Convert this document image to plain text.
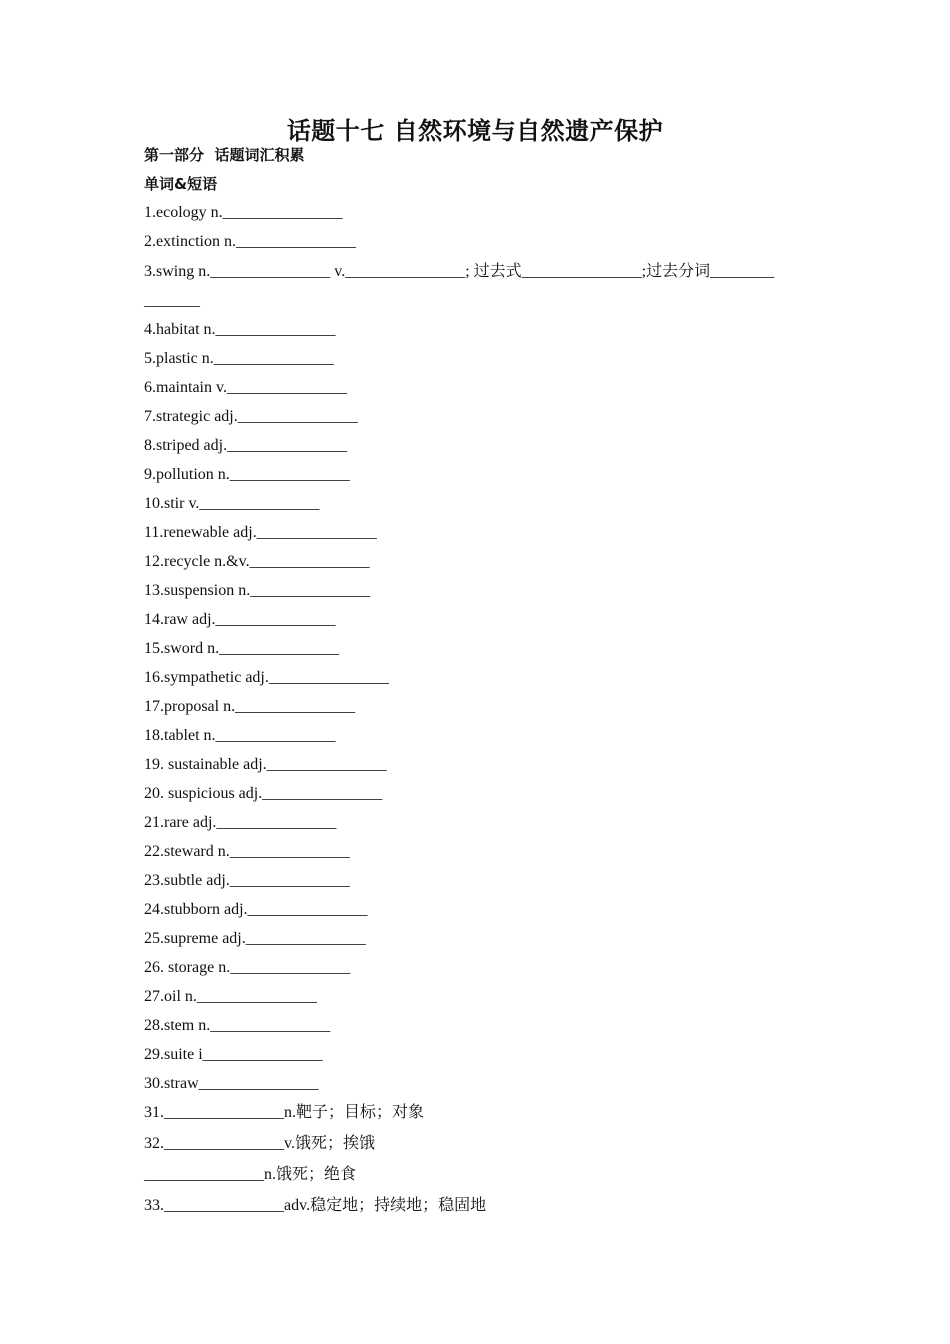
话题十七 自然环境与自然遗产保护
第一部分  话题词汇积累
单词&短语
1.ecology n._______________
2.extinction n._______________
3.swing n._______________ v._______________; 过去式_______________;过去分词________
_______
4.habitat n._______________
5.plastic n._______________
6.maintain v._______________
7.strategic adj._______________
8.striped adj._______________
9.pollution n._______________
10.stir v._______________
11.renewable adj._______________
12.recycle n.&v._______________
13.suspension n._______________
14.raw adj._______________
15.sword n._______________
16.sympathetic adj._______________
17.proposal n._______________
18.tablet n._______________
19. sustainable adj._______________
20. suspicious adj._______________
21.rare adj._______________
22.steward n._______________
23.subtle adj._______________
24.stubborn adj._______________
25.supreme adj._______________
26. storage n._______________
27.oil n._______________
28.stem n._______________
29.suite i_______________
30.straw_______________
31._______________n.靶子；目标；对象
32._______________v.饿死；挨饿
_______________n.饿死；绝食
33._______________adv.稳定地；持续地；稳固地
